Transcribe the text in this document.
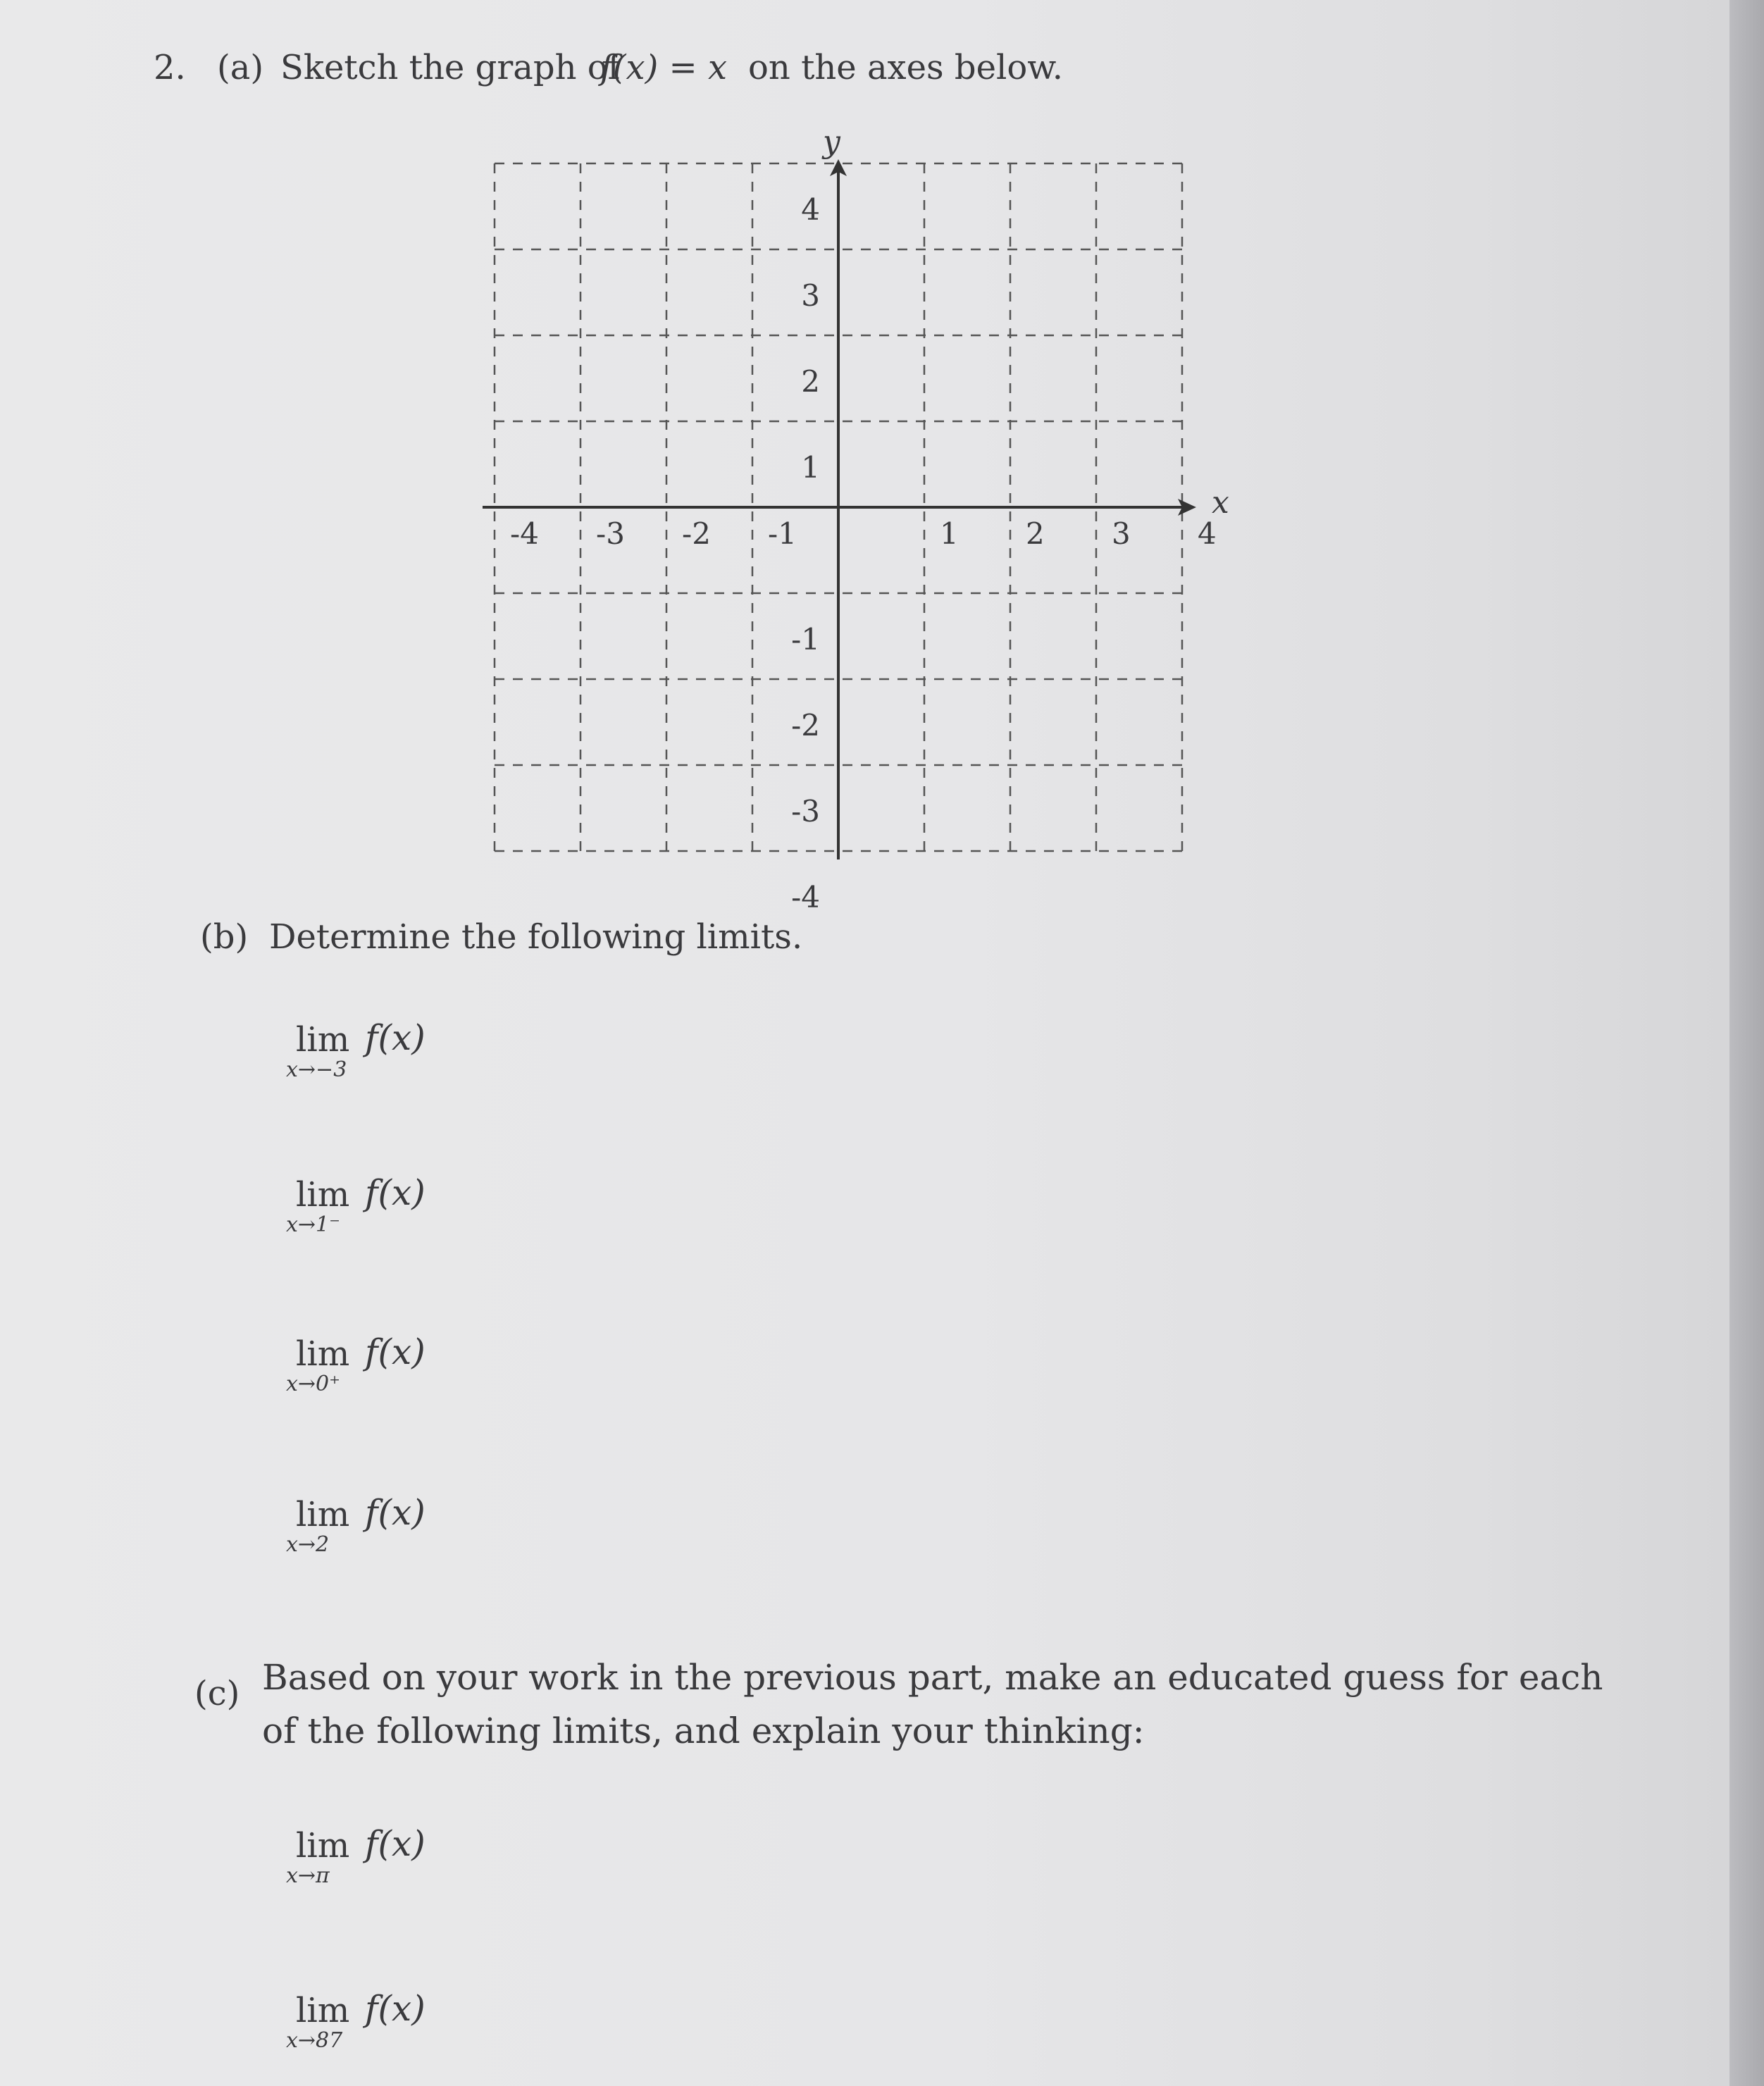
2. (a) Sketch the graph of
f(x) = x on the axes below.
x
y
-4 -3 -2 -1	1 2 3 4
4
3
2
1
-1
-2
-3
-4
(b) Determine the following limits.
lim
x→−3
f(x)
lim
x→1⁻
f(x)
lim
x→0⁺
f(x)
lim
x→2
f(x)
(c) Based on your work in the previous part, make an educated guess for each
of the following limits, and explain your thinking:
lim
x→π
f(x)
lim
x→87
f(x)
